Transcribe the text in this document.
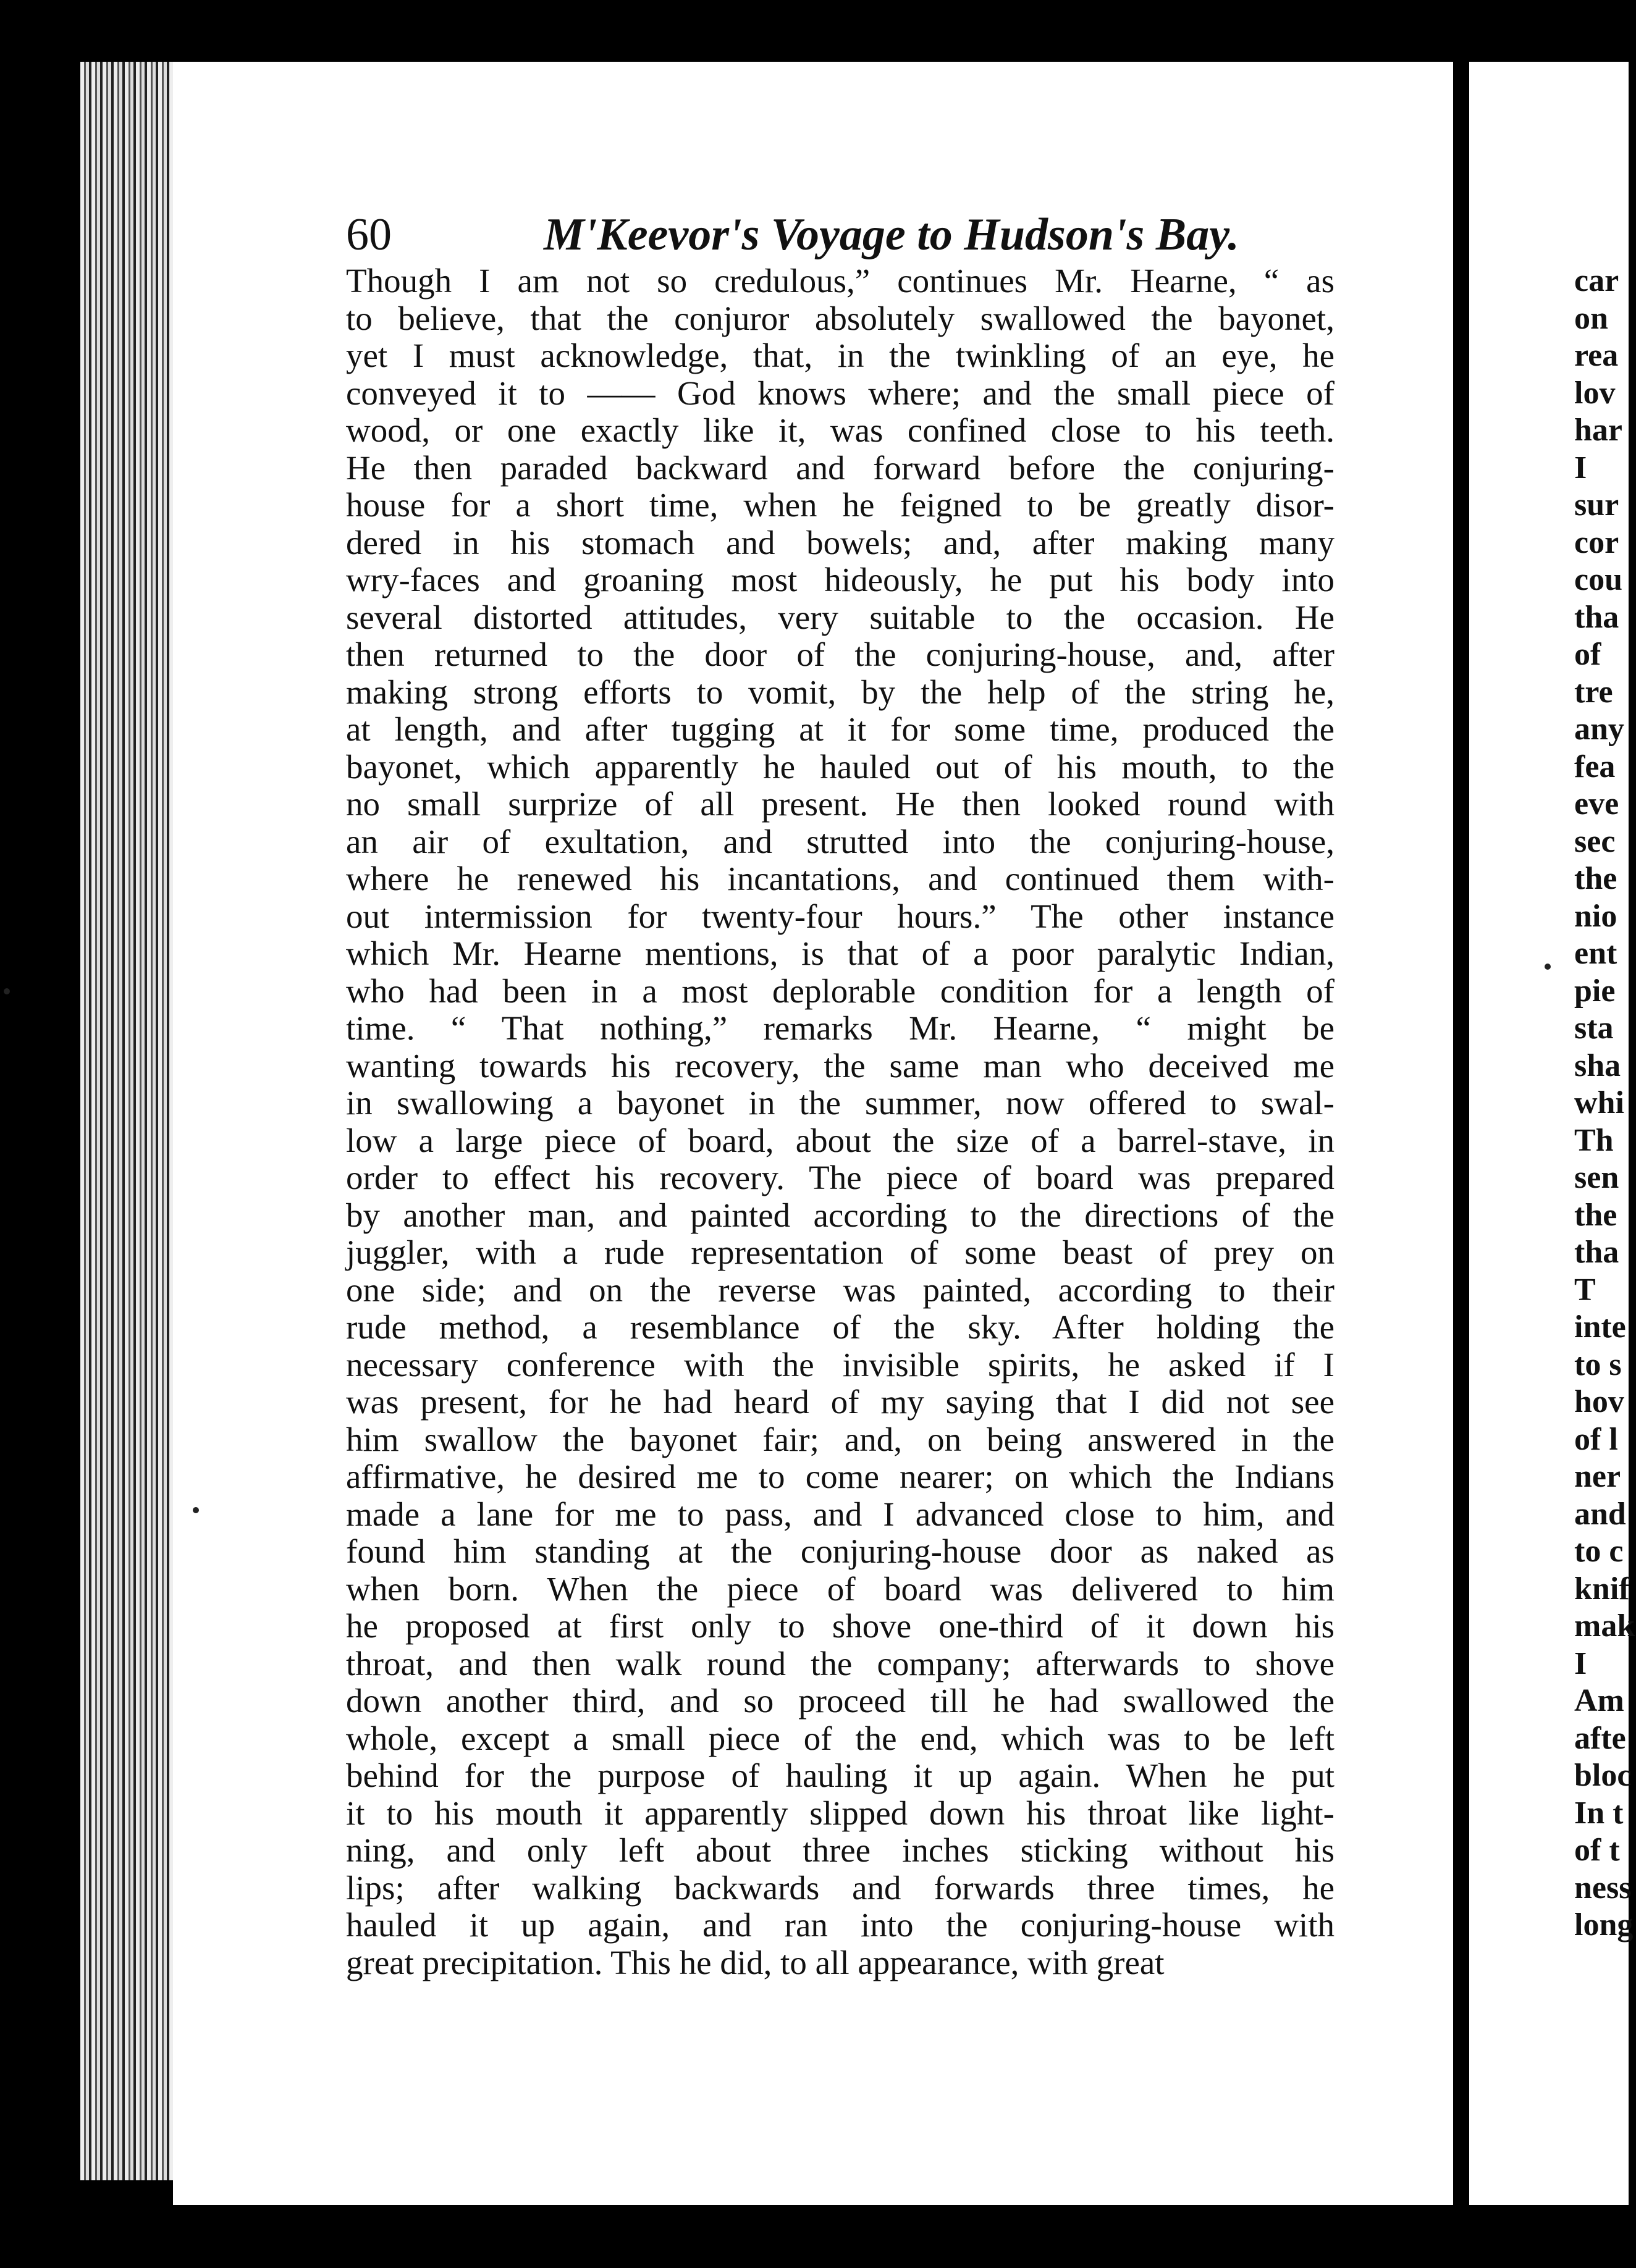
60	M'Keevor's Voyage to Hudson's Bay.
Though I am not so credulous,” continues Mr. Hearne, “ as
to believe, that the conjuror absolutely swallowed the bayonet,
yet I must acknowledge, that, in the twinkling of an eye, he
conveyed it to —— God knows where; and the small piece of
wood, or one exactly like it, was confined close to his teeth.
He then paraded backward and forward before the conjuring-
house for a short time, when he feigned to be greatly disor-
dered in his stomach and bowels; and, after making many
wry-faces and groaning most hideously, he put his body into
several distorted attitudes, very suitable to the occasion. He
then returned to the door of the conjuring-house, and, after
making strong efforts to vomit, by the help of the string he,
at length, and after tugging at it for some time, produced the
bayonet, which apparently he hauled out of his mouth, to the
no small surprize of all present. He then looked round with
an air of exultation, and strutted into the conjuring-house,
where he renewed his incantations, and continued them with-
out intermission for twenty-four hours.” The other instance
which Mr. Hearne mentions, is that of a poor paralytic Indian,
who had been in a most deplorable condition for a length of
time. “ That nothing,” remarks Mr. Hearne, “ might be
wanting towards his recovery, the same man who deceived me
in swallowing a bayonet in the summer, now offered to swal-
low a large piece of board, about the size of a barrel-stave, in
order to effect his recovery. The piece of board was prepared
by another man, and painted according to the directions of the
juggler, with a rude representation of some beast of prey on
one side; and on the reverse was painted, according to their
rude method, a resemblance of the sky. After holding the
necessary conference with the invisible spirits, he asked if I
was present, for he had heard of my saying that I did not see
him swallow the bayonet fair; and, on being answered in the
affirmative, he desired me to come nearer; on which the Indians
made a lane for me to pass, and I advanced close to him, and
found him standing at the conjuring-house door as naked as
when born. When the piece of board was delivered to him
he proposed at first only to shove one-third of it down his
throat, and then walk round the company; afterwards to shove
down another third, and so proceed till he had swallowed the
whole, except a small piece of the end, which was to be left
behind for the purpose of hauling it up again. When he put
it to his mouth it apparently slipped down his throat like light-
ning, and only left about three inches sticking without his
lips; after walking backwards and forwards three times, he
hauled it up again, and ran into the conjuring-house with
great precipitation. This he did, to all appearance, with great
car
on
rea
lov
har
I
sur
cor
cou
tha
of
tre
any
fea
eve
sec
the
nio
ent
pie
sta
sha
whi
Th
sen
the
tha
T
inte
to s
hov
of l
ner
and
to c
knif
mak
I
Am
afte
bloc
In t
of t
ness
long
